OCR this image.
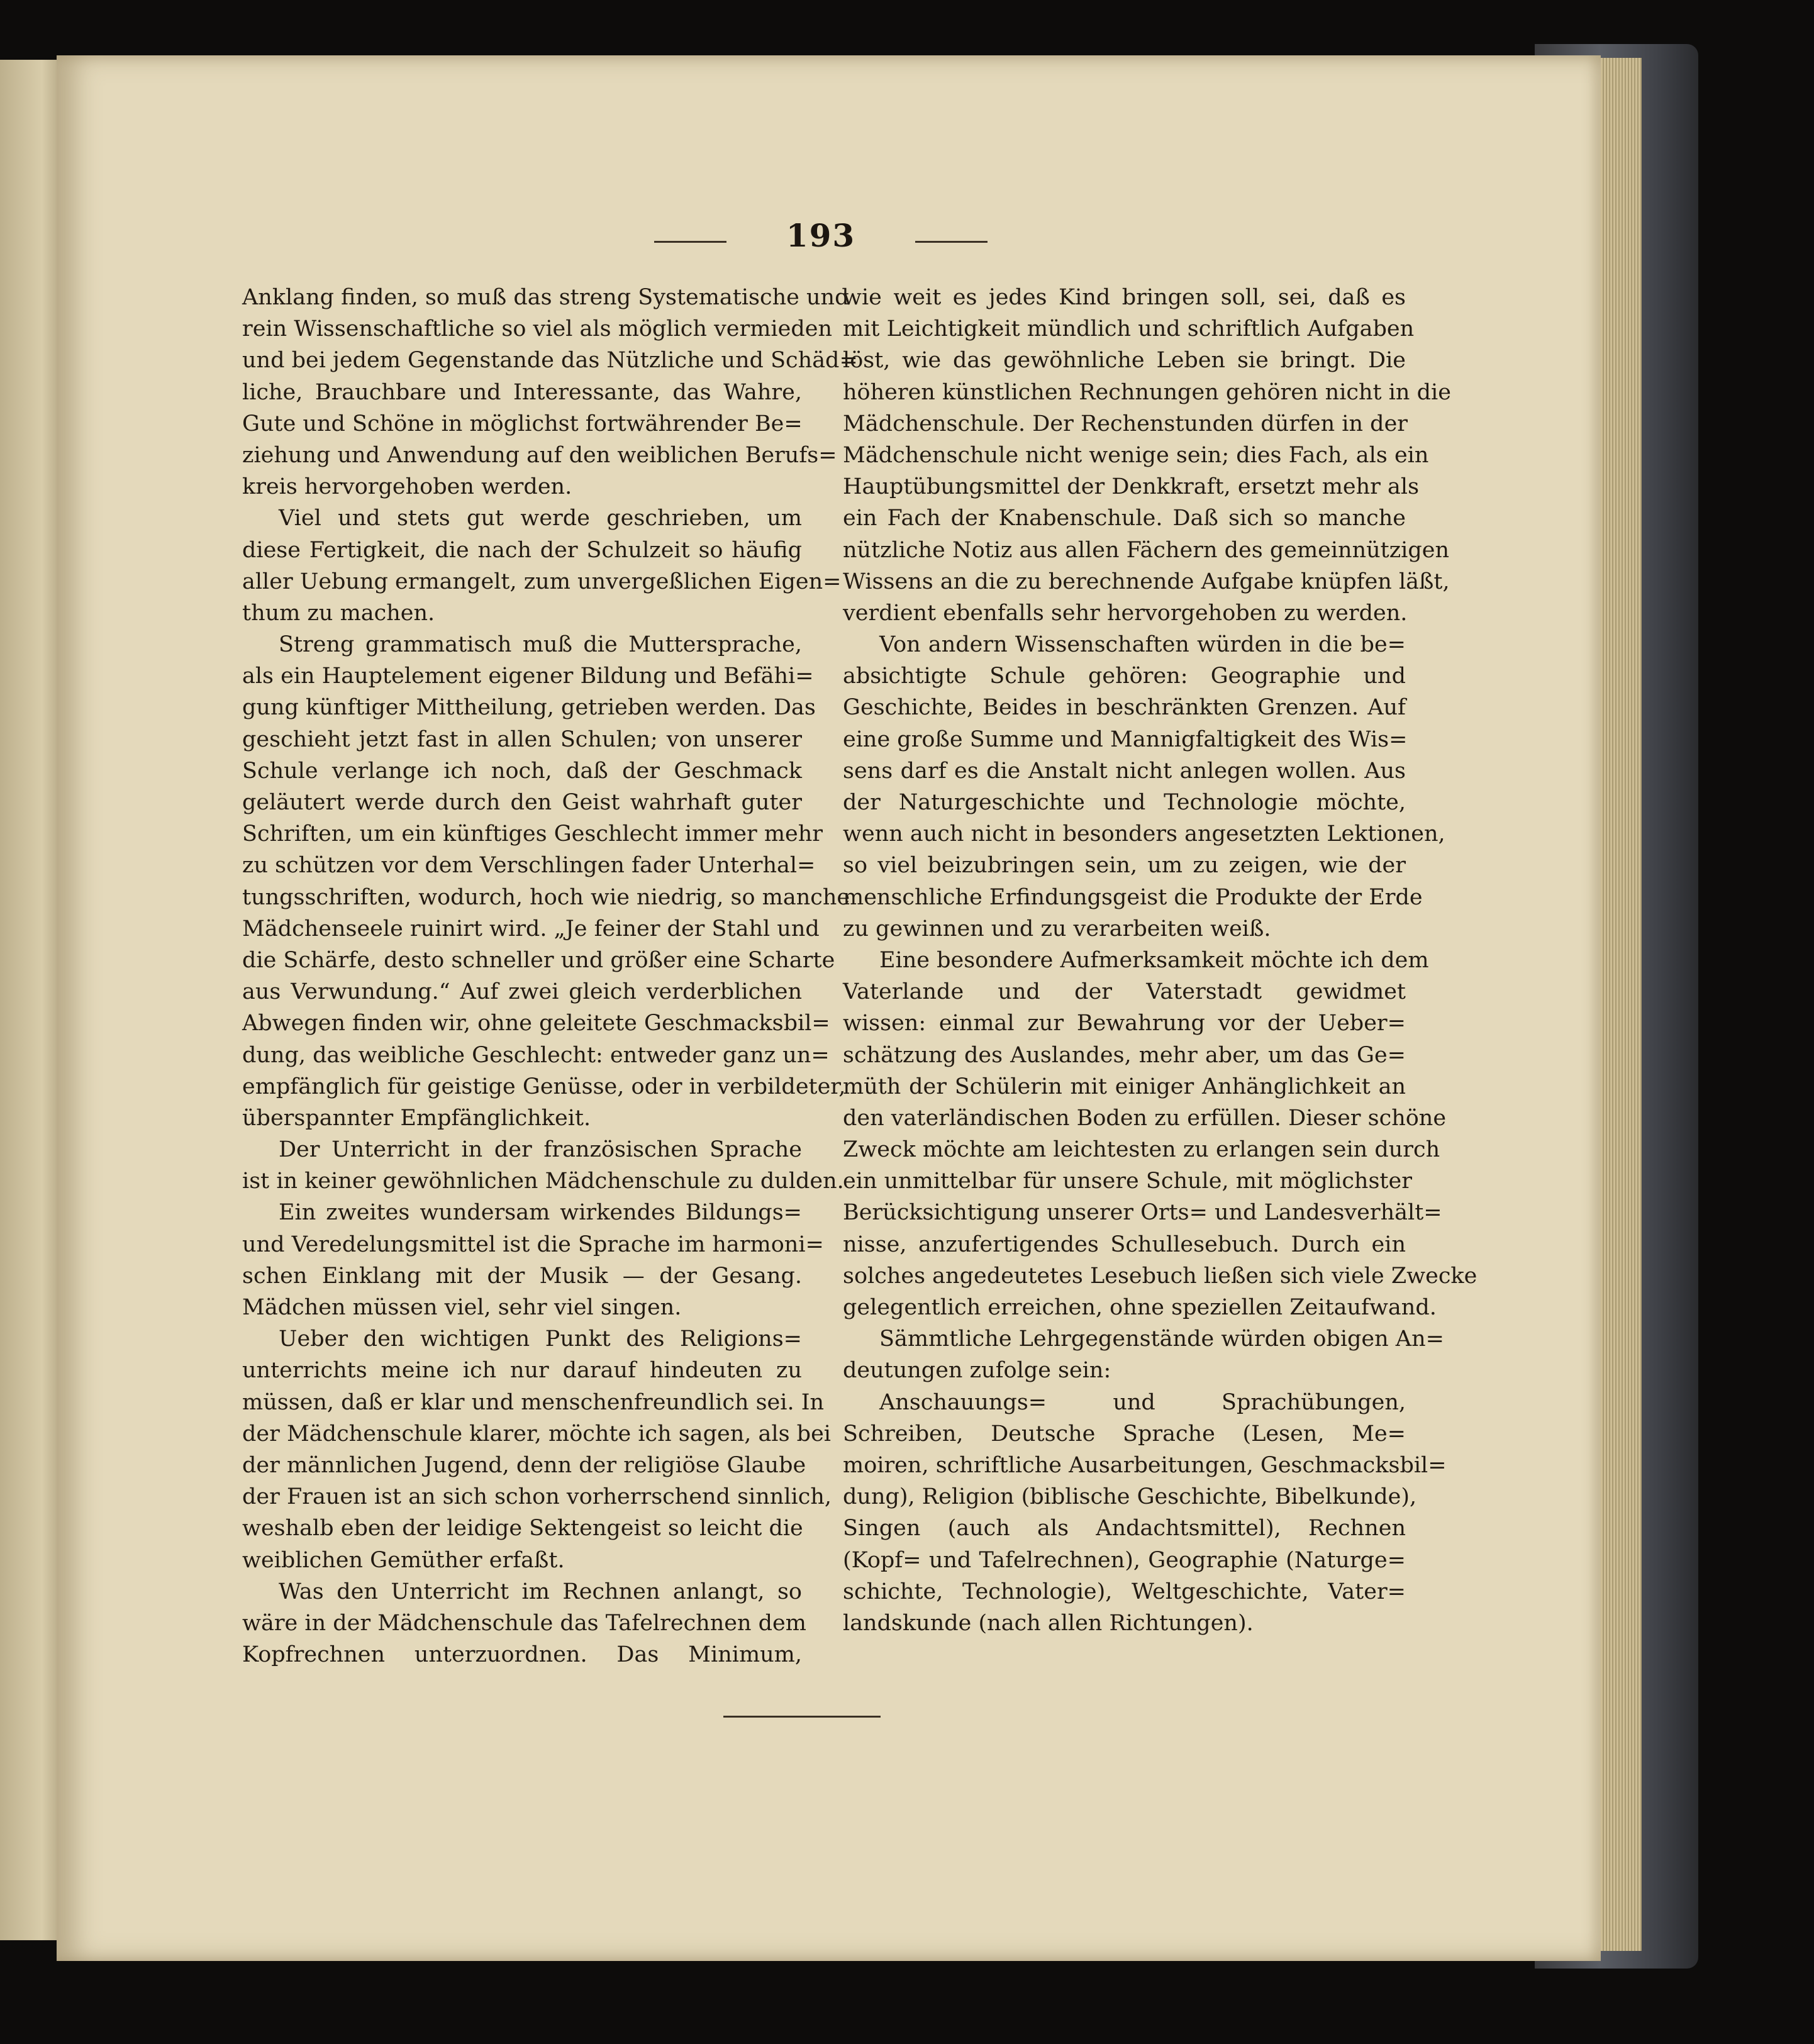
193
Anklang finden, so muß das streng Systematische und
rein Wissenschaftliche so viel als möglich vermieden
und bei jedem Gegenstande das Nützliche und Schäd=
liche, Brauchbare und Interessante, das Wahre,
Gute und Schöne in möglichst fortwährender Be=
ziehung und Anwendung auf den weiblichen Berufs=
kreis hervorgehoben werden.
Viel und stets gut werde geschrieben, um
diese Fertigkeit, die nach der Schulzeit so häufig
aller Uebung ermangelt, zum unvergeßlichen Eigen=
thum zu machen.
Streng grammatisch muß die Muttersprache,
als ein Hauptelement eigener Bildung und Befähi=
gung künftiger Mittheilung, getrieben werden. Das
geschieht jetzt fast in allen Schulen; von unserer
Schule verlange ich noch, daß der Geschmack
geläutert werde durch den Geist wahrhaft guter
Schriften, um ein künftiges Geschlecht immer mehr
zu schützen vor dem Verschlingen fader Unterhal=
tungsschriften, wodurch, hoch wie niedrig, so manche
Mädchenseele ruinirt wird. „Je feiner der Stahl und
die Schärfe, desto schneller und größer eine Scharte
aus Verwundung.“ Auf zwei gleich verderblichen
Abwegen finden wir, ohne geleitete Geschmacksbil=
dung, das weibliche Geschlecht: entweder ganz un=
empfänglich für geistige Genüsse, oder in verbildeter,
überspannter Empfänglichkeit.
Der Unterricht in der französischen Sprache
ist in keiner gewöhnlichen Mädchenschule zu dulden.
Ein zweites wundersam wirkendes Bildungs=
und Veredelungsmittel ist die Sprache im harmoni=
schen Einklang mit der Musik — der Gesang.
Mädchen müssen viel, sehr viel singen.
Ueber den wichtigen Punkt des Religions=
unterrichts meine ich nur darauf hindeuten zu
müssen, daß er klar und menschenfreundlich sei. In
der Mädchenschule klarer, möchte ich sagen, als bei
der männlichen Jugend, denn der religiöse Glaube
der Frauen ist an sich schon vorherrschend sinnlich,
weshalb eben der leidige Sektengeist so leicht die
weiblichen Gemüther erfaßt.
Was den Unterricht im Rechnen anlangt, so
wäre in der Mädchenschule das Tafelrechnen dem
Kopfrechnen unterzuordnen. Das Minimum,
wie weit es jedes Kind bringen soll, sei, daß es
mit Leichtigkeit mündlich und schriftlich Aufgaben
löst, wie das gewöhnliche Leben sie bringt. Die
höheren künstlichen Rechnungen gehören nicht in die
Mädchenschule. Der Rechenstunden dürfen in der
Mädchenschule nicht wenige sein; dies Fach, als ein
Hauptübungsmittel der Denkkraft, ersetzt mehr als
ein Fach der Knabenschule. Daß sich so manche
nützliche Notiz aus allen Fächern des gemeinnützigen
Wissens an die zu berechnende Aufgabe knüpfen läßt,
verdient ebenfalls sehr hervorgehoben zu werden.
Von andern Wissenschaften würden in die be=
absichtigte Schule gehören: Geographie und
Geschichte, Beides in beschränkten Grenzen. Auf
eine große Summe und Mannigfaltigkeit des Wis=
sens darf es die Anstalt nicht anlegen wollen. Aus
der Naturgeschichte und Technologie möchte,
wenn auch nicht in besonders angesetzten Lektionen,
so viel beizubringen sein, um zu zeigen, wie der
menschliche Erfindungsgeist die Produkte der Erde
zu gewinnen und zu verarbeiten weiß.
Eine besondere Aufmerksamkeit möchte ich dem
Vaterlande und der Vaterstadt gewidmet
wissen: einmal zur Bewahrung vor der Ueber=
schätzung des Auslandes, mehr aber, um das Ge=
müth der Schülerin mit einiger Anhänglichkeit an
den vaterländischen Boden zu erfüllen. Dieser schöne
Zweck möchte am leichtesten zu erlangen sein durch
ein unmittelbar für unsere Schule, mit möglichster
Berücksichtigung unserer Orts= und Landesverhält=
nisse, anzufertigendes Schullesebuch. Durch ein
solches angedeutetes Lesebuch ließen sich viele Zwecke
gelegentlich erreichen, ohne speziellen Zeitaufwand.
Sämmtliche Lehrgegenstände würden obigen An=
deutungen zufolge sein:
Anschauungs= und Sprachübungen,
Schreiben, Deutsche Sprache (Lesen, Me=
moiren, schriftliche Ausarbeitungen, Geschmacksbil=
dung), Religion (biblische Geschichte, Bibelkunde),
Singen (auch als Andachtsmittel), Rechnen
(Kopf= und Tafelrechnen), Geographie (Naturge=
schichte, Technologie), Weltgeschichte, Vater=
landskunde (nach allen Richtungen).
